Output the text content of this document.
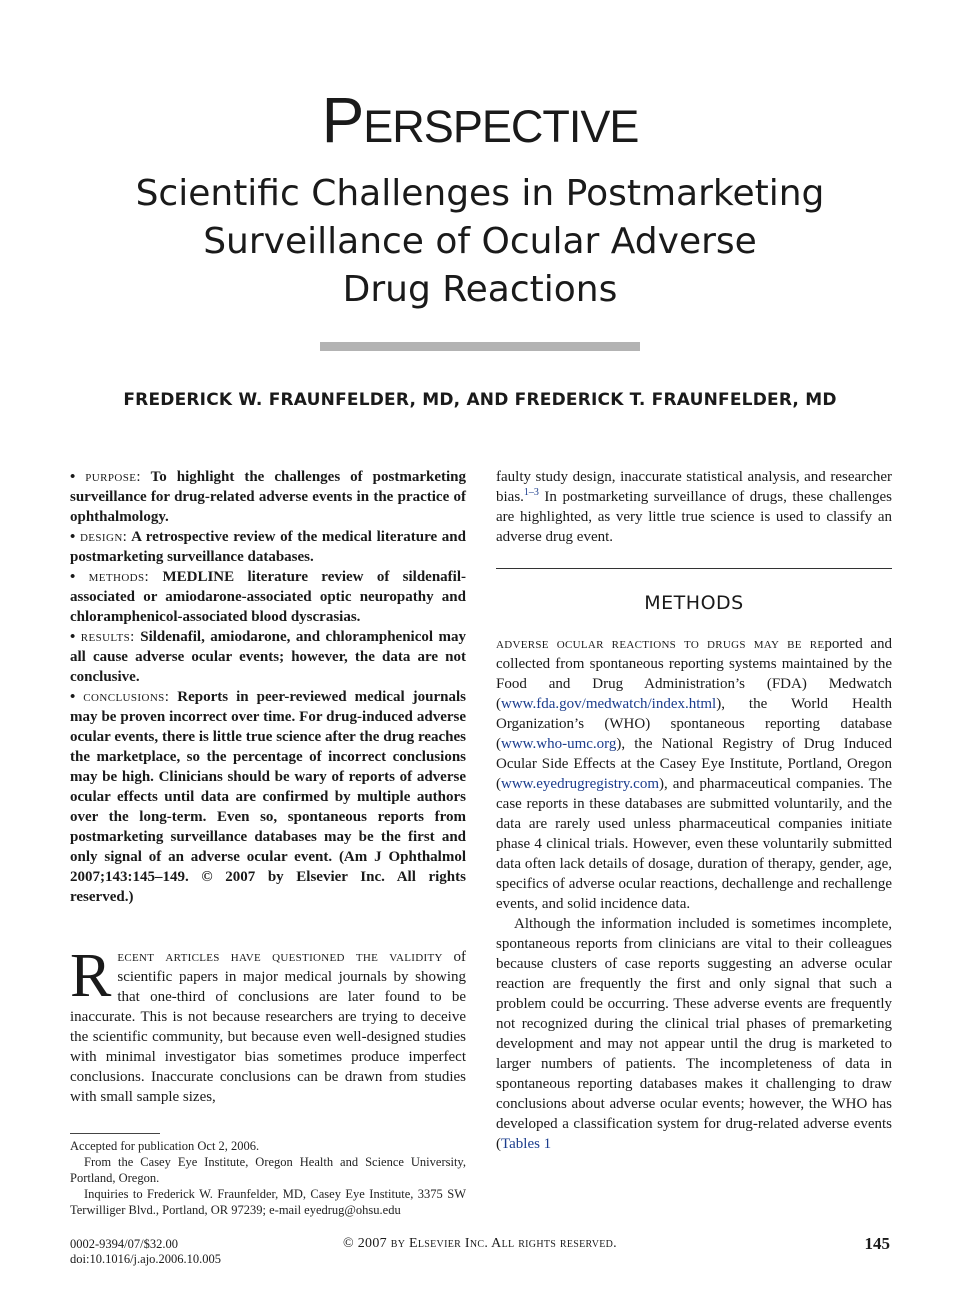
Perspective
Scientific Challenges in Postmarketing
Surveillance of Ocular Adverse
Drug Reactions
FREDERICK W. FRAUNFELDER, MD, AND FREDERICK T. FRAUNFELDER, MD

• purpose: To highlight the challenges of postmarketing surveillance for drug-related adverse events in the practice of ophthalmology.

• design: A retrospective review of the medical literature and postmarketing surveillance databases.

• methods: MEDLINE literature review of sildenafil-associated or amiodarone-associated optic neuropathy and chloramphenicol-associated blood dyscrasias.

• results: Sildenafil, amiodarone, and chloramphenicol may all cause adverse ocular events; however, the data are not conclusive.

• conclusions: Reports in peer-reviewed medical journals may be proven incorrect over time. For drug-induced adverse ocular events, there is little true science after the drug reaches the marketplace, so the percentage of incorrect conclusions may be high. Clinicians should be wary of reports of adverse ocular effects until data are confirmed by multiple authors over the long-term. Even so, spontaneous reports from postmarketing surveillance databases may be the first and only signal of an adverse ocular event. (Am J Ophthalmol 2007;143:145–149. © 2007 by Elsevier Inc. All rights reserved.)

Recent articles have questioned the validity of scientific papers in major medical journals by showing that one-third of conclusions are later found to be inaccurate. This is not because researchers are trying to deceive the scientific community, but because even well-designed studies with minimal investigator bias sometimes produce imperfect conclusions. Inaccurate conclusions can be drawn from studies with small sample sizes,

Accepted for publication Oct 2, 2006.

From the Casey Eye Institute, Oregon Health and Science University, Portland, Oregon.

Inquiries to Frederick W. Fraunfelder, MD, Casey Eye Institute, 3375 SW Terwilliger Blvd., Portland, OR 97239; e-mail eyedrug@ohsu.edu

faulty study design, inaccurate statistical analysis, and researcher bias.$^{1-3}$ In postmarketing surveillance of drugs, these challenges are highlighted, as very little true science is used to classify an adverse drug event.

METHODS

adverse ocular reactions to drugs may be reported and collected from spontaneous reporting systems maintained by the Food and Drug Administration’s (FDA) Medwatch (www.fda.gov/medwatch/index.html), the World Health Organization’s (WHO) spontaneous reporting database (www.who-umc.org), the National Registry of Drug Induced Ocular Side Effects at the Casey Eye Institute, Portland, Oregon (www.eyedrugregistry.com), and pharmaceutical companies. The case reports in these databases are submitted voluntarily, and the data are rarely used unless pharmaceutical companies initiate phase 4 clinical trials. However, even these voluntarily submitted data often lack details of dosage, duration of therapy, gender, age, specifics of adverse ocular reactions, dechallenge and rechallenge events, and solid incidence data.

Although the information included is sometimes incomplete, spontaneous reports from clinicians are vital to their colleagues because clusters of case reports suggesting an adverse ocular reaction are frequently the first and only signal that such a problem could be occurring. These adverse events are frequently not recognized during the clinical trial phases of premarketing development and may not appear until the drug is marketed to larger numbers of patients. The incompleteness of data in spontaneous reporting databases makes it challenging to draw conclusions about adverse ocular events; however, the WHO has developed a classification system for drug-related adverse events (Tables 1

0002-9394/07/$32.00
doi:10.1016/j.ajo.2006.10.005
© 2007 by Elsevier Inc. All rights reserved.	145
